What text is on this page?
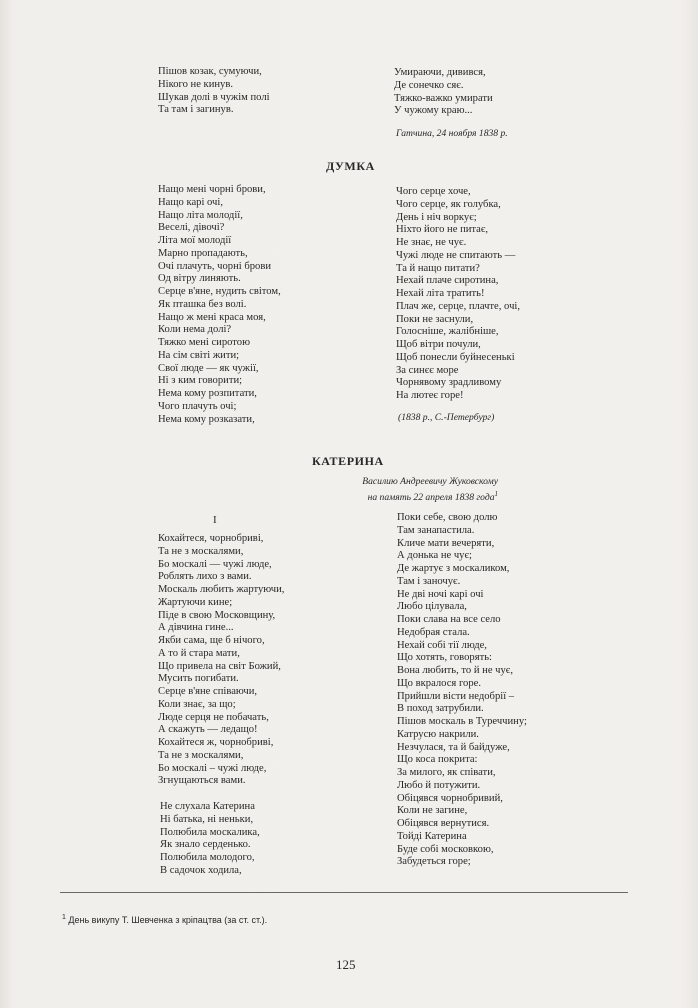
Пішов козак, сумуючи,
Нікого не кинув.
Шукав долі в чужім полі
Та там і загинув.
Умираючи, дивився,
Де сонечко сяє.
Тяжко-важко умирати
У чужому краю...
Гатчина, 24 ноября 1838 р.
ДУМКА
Нащо мені чорні брови,
Нащо карі очі,
Нащо літа молодії,
Веселі, дівочі?
Літа мої молодії
Марно пропадають,
Очі плачуть, чорні брови
Од вітру линяють.
Серце в'яне, нудить світом,
Як пташка без волі.
Нащо ж мені краса моя,
Коли нема долі?
Тяжко мені сиротою
На сім світі жити;
Свої люде — як чужії,
Ні з ким говорити;
Нема кому розпитати,
Чого плачуть очі;
Нема кому розказати,
Чого серце хоче,
Чого серце, як голубка,
День і ніч воркує;
Ніхто його не питає,
Не знає, не чує.
Чужі люде не спитають —
Та й нащо питати?
Нехай плаче сиротина,
Нехай літа тратить!
Плач же, серце, плачте, очі,
Поки не заснули,
Голосніше, жалібніше,
Щоб вітри почули,
Щоб понесли буйнесенькі
За синєє море
Чорнявому зрадливому
На лютеє горе!
(1838 р., С.-Петербург)
КАТЕРИНА
Василию Андреевичу Жуковскому
на память 22 апреля 1838 года$^1$
І
Кохайтеся, чорнобриві,
Та не з москалями,
Бо москалі — чужі люде,
Роблять лихо з вами.
Москаль любить жартуючи,
Жартуючи кине;
Піде в свою Московщину,
А дівчина гине...
Якби сама, ще б нічого,
А то й стара мати,
Що привела на світ Божий,
Мусить погибати.
Серце в'яне співаючи,
Коли знає, за що;
Люде серця не побачать,
А скажуть — ледащо!
Кохайтеся ж, чорнобриві,
Та не з москалями,
Бо москалі – чужі люде,
Згнущаються вами.
Не слухала Катерина
Ні батька, ні неньки,
Полюбила москалика,
Як знало серденько.
Полюбила молодого,
В садочок ходила,
Поки себе, свою долю
Там занапастила.
Кличе мати вечеряти,
А донька не чує;
Де жартує з москаликом,
Там і заночує.
Не дві ночі карі очі
Любо цілувала,
Поки слава на все село
Недобрая стала.
Нехай собі тії люде,
Що хотять, говорять:
Вона любить, то й не чує,
Що вкралося горе.
Прийшли вісти недобрії –
В поход затрубили.
Пішов москаль в Туреччину;
Катрусю накрили.
Незчулася, та й байдуже,
Що коса покрита:
За милого, як співати,
Любо й потужити.
Обіцявся чорнобривий,
Коли не загине,
Обіцявся вернутися.
Тойді Катерина
Буде собі московкою,
Забудеться горе;
$^1$ День викупу Т. Шевченка з кріпацтва (за ст. ст.).
125
